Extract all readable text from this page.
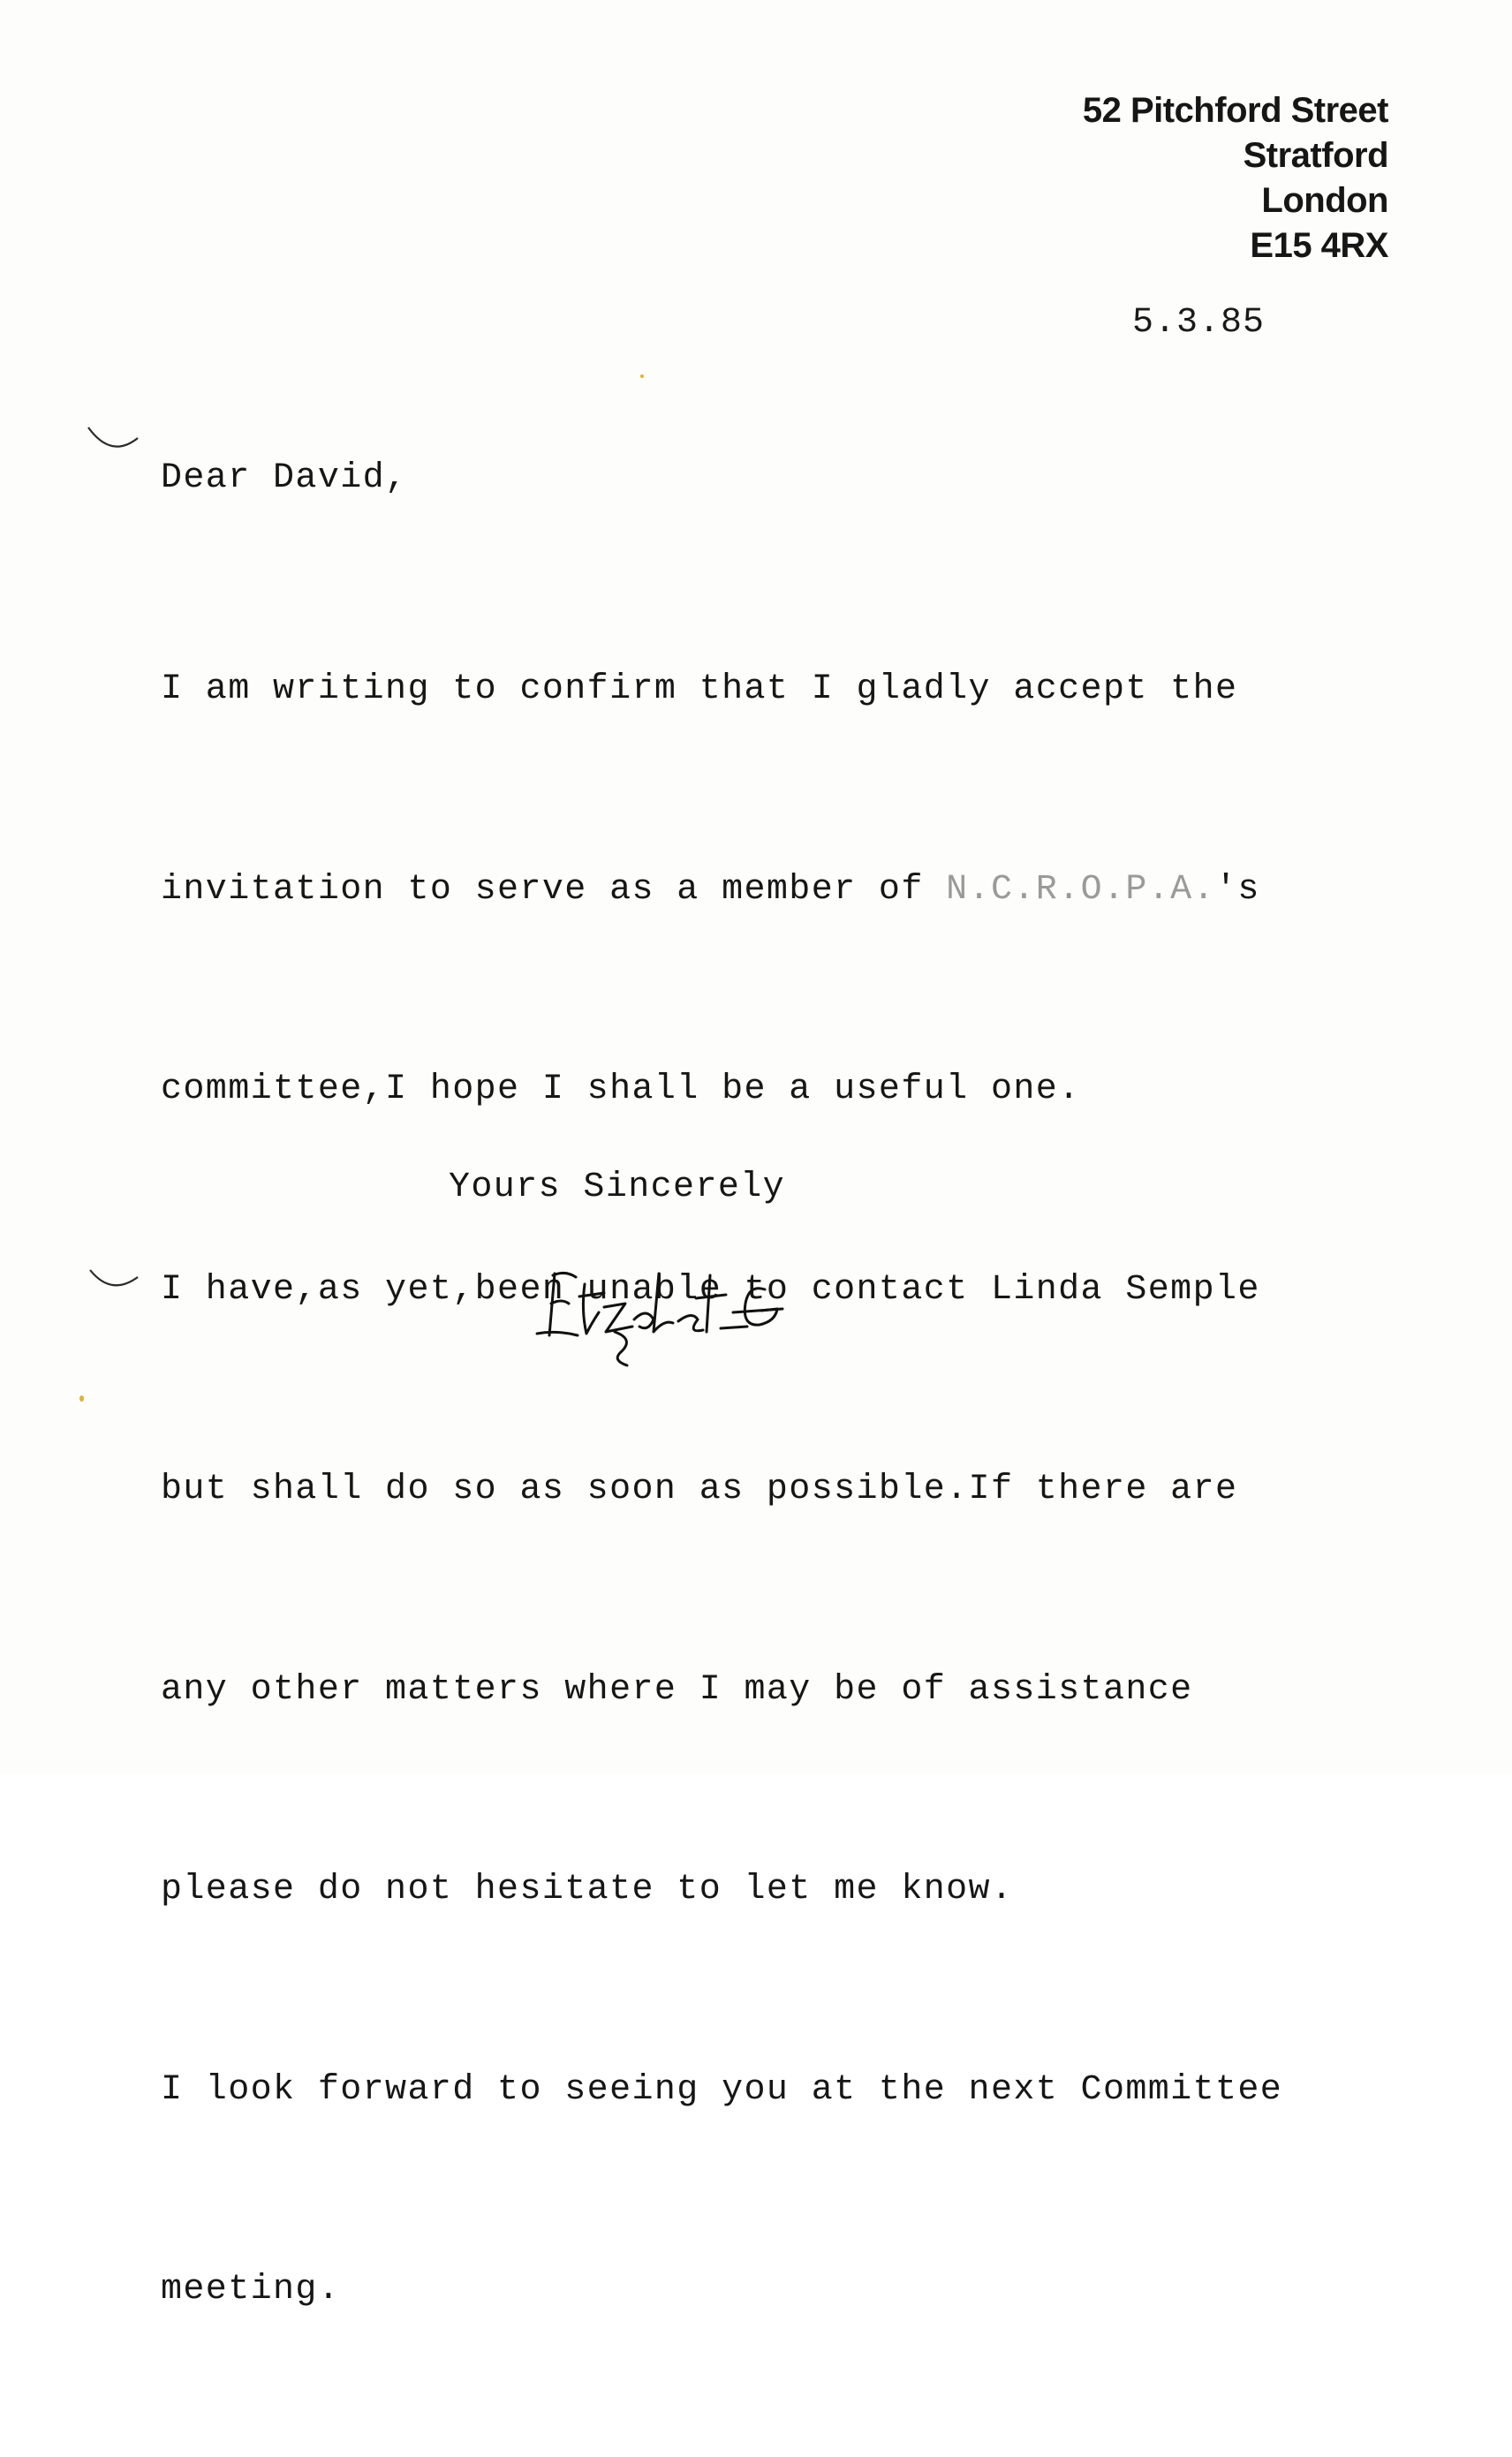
52 Pitchford Street
Stratford
London
E15 4RX
5.3.85
Dear David,

I am writing to confirm that I gladly accept the

invitation to serve as a member of N.C.R.O.P.A.'s

committee,I hope I shall be a useful one.

I have,as yet,been unable to contact Linda Semple

but shall do so as soon as possible.If there are

any other matters where I may be of assistance

please do not hesitate to let me know.

I look forward to seeing you at the next Committee

meeting.

Yours Sincerely
